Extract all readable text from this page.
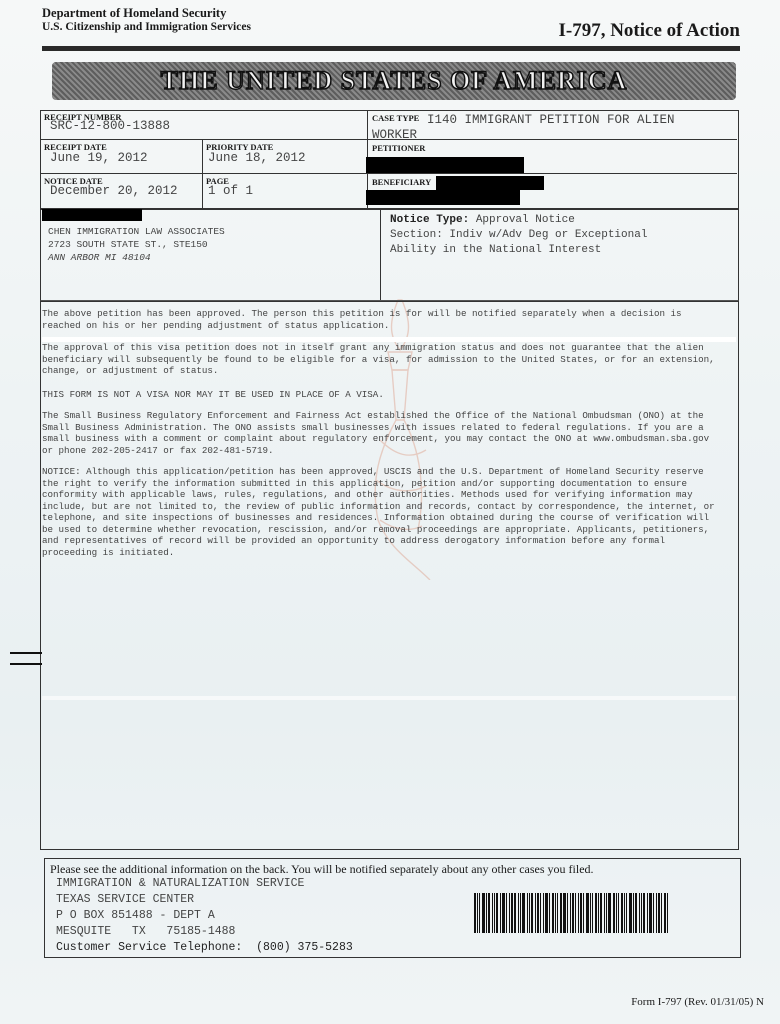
Department of Homeland Security
U.S. Citizenship and Immigration Services	I-797, Notice of Action
THE UNITED STATES OF AMERICA
RECEIPT NUMBER
SRC-12-800-13888
CASE TYPE I140 IMMIGRANT PETITION FOR ALIEN WORKER
RECEIPT DATE
June 19, 2012
PRIORITY DATE
June 18, 2012
PETITIONER
NOTICE DATE
December 20, 2012
PAGE
1 of 1
BENEFICIARY
CHEN IMMIGRATION LAW ASSOCIATES
2723 SOUTH STATE ST., STE150
ANN ARBOR MI 48104
Notice Type: Approval Notice
Section: Indiv w/Adv Deg or Exceptional
Ability in the National Interest
The above petition has been approved. The person this petition is for will be notified separately when a decision is reached on his or her pending adjustment of status application.
The approval of this visa petition does not in itself grant any immigration status and does not guarantee that the alien beneficiary will subsequently be found to be eligible for a visa, for admission to the United States, or for an extension, change, or adjustment of status.
THIS FORM IS NOT A VISA NOR MAY IT BE USED IN PLACE OF A VISA.
The Small Business Regulatory Enforcement and Fairness Act established the Office of the National Ombudsman (ONO) at the Small Business Administration. The ONO assists small businesses with issues related to federal regulations. If you are a small business with a comment or complaint about regulatory enforcement, you may contact the ONO at www.ombudsman.sba.gov or phone 202-205-2417 or fax 202-481-5719.
NOTICE: Although this application/petition has been approved, USCIS and the U.S. Department of Homeland Security reserve the right to verify the information submitted in this application, petition and/or supporting documentation to ensure conformity with applicable laws, rules, regulations, and other authorities. Methods used for verifying information may include, but are not limited to, the review of public information and records, contact by correspondence, the internet, or telephone, and site inspections of businesses and residences. Information obtained during the course of verification will be used to determine whether revocation, rescission, and/or removal proceedings are appropriate. Applicants, petitioners, and representatives of record will be provided an opportunity to address derogatory information before any formal proceeding is initiated.
Please see the additional information on the back. You will be notified separately about any other cases you filed.
IMMIGRATION & NATURALIZATION SERVICE
TEXAS SERVICE CENTER
P O BOX 851488 - DEPT A
MESQUITE   TX   75185-1488
Customer Service Telephone:  (800) 375-5283
Form I-797 (Rev. 01/31/05) N
